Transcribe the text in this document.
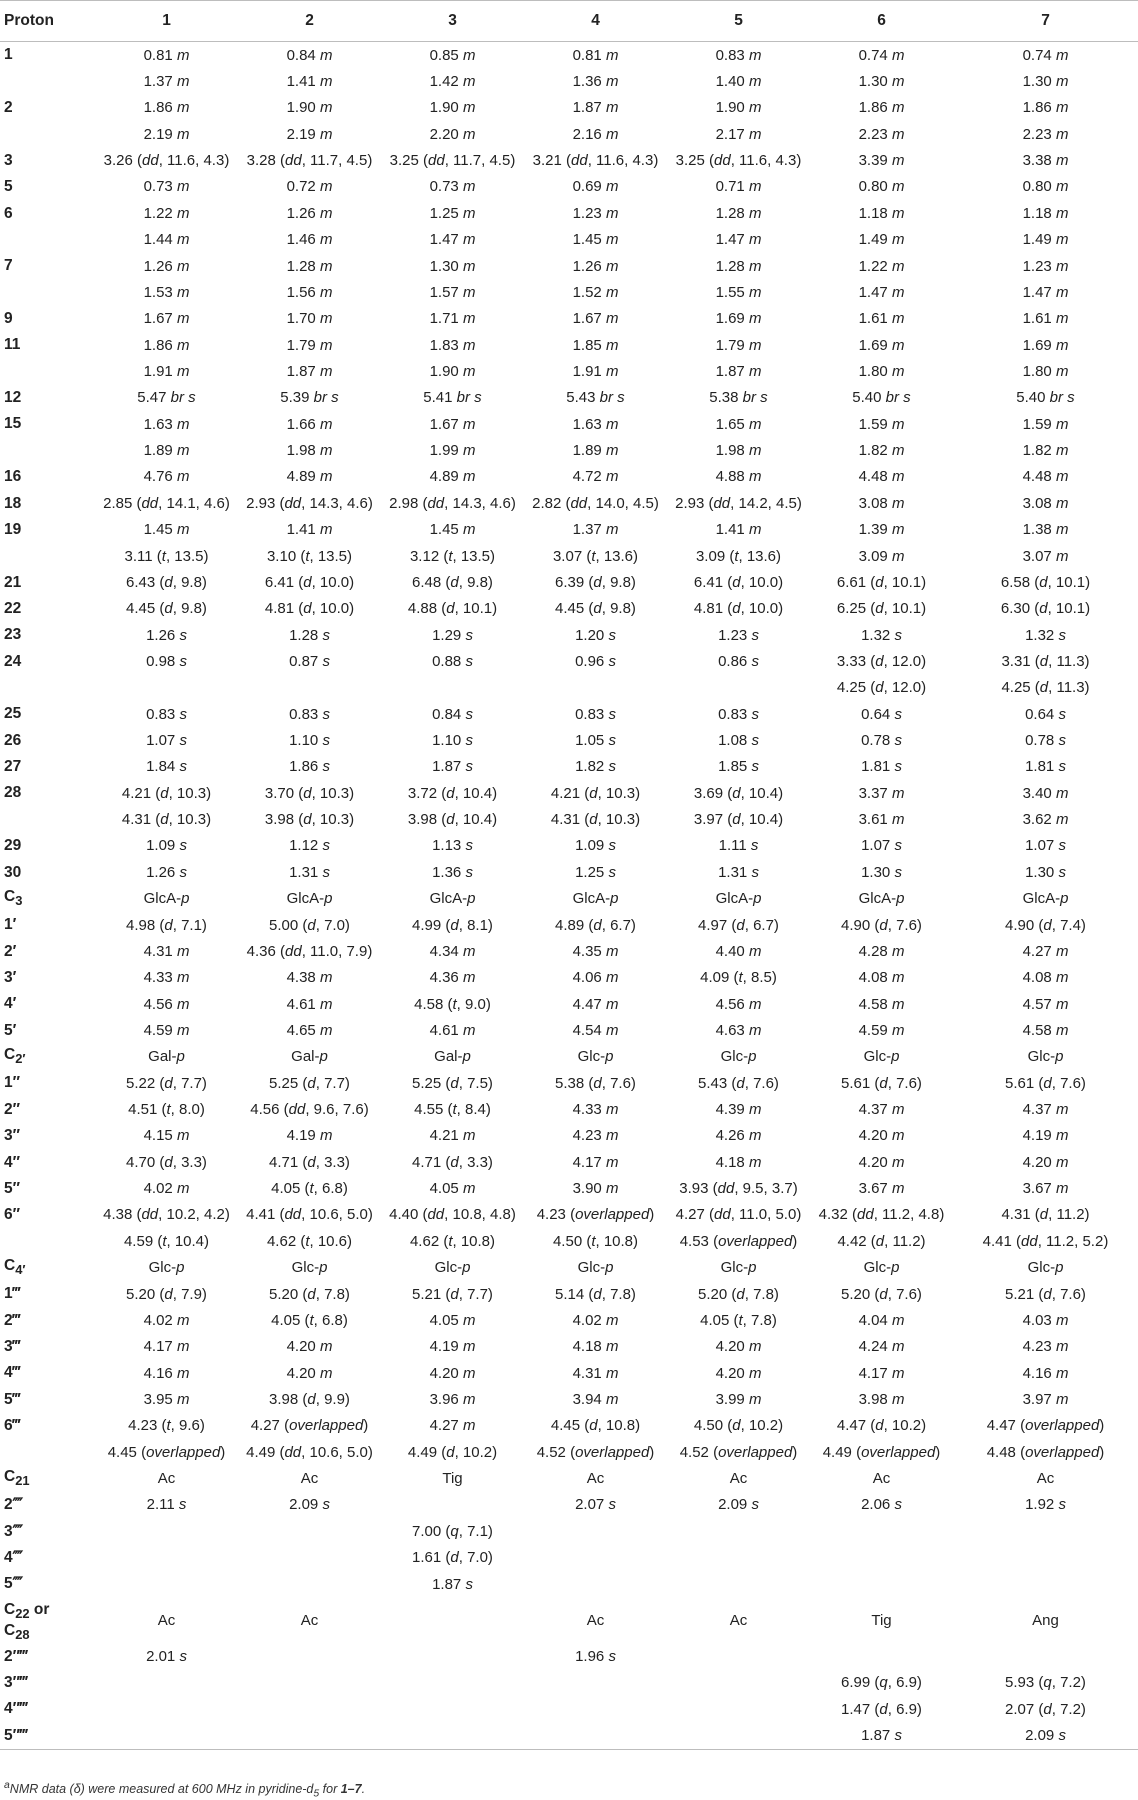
Proton	1	2	3	4	5	6	7
1	0.81 m	0.84 m	0.85 m	0.81 m	0.83 m	0.74 m	0.74 m
	1.37 m	1.41 m	1.42 m	1.36 m	1.40 m	1.30 m	1.30 m
2	1.86 m	1.90 m	1.90 m	1.87 m	1.90 m	1.86 m	1.86 m
	2.19 m	2.19 m	2.20 m	2.16 m	2.17 m	2.23 m	2.23 m
3	3.26 (dd, 11.6, 4.3)	3.28 (dd, 11.7, 4.5)	3.25 (dd, 11.7, 4.5)	3.21 (dd, 11.6, 4.3)	3.25 (dd, 11.6, 4.3)	3.39 m	3.38 m
5	0.73 m	0.72 m	0.73 m	0.69 m	0.71 m	0.80 m	0.80 m
6	1.22 m	1.26 m	1.25 m	1.23 m	1.28 m	1.18 m	1.18 m
	1.44 m	1.46 m	1.47 m	1.45 m	1.47 m	1.49 m	1.49 m
7	1.26 m	1.28 m	1.30 m	1.26 m	1.28 m	1.22 m	1.23 m
	1.53 m	1.56 m	1.57 m	1.52 m	1.55 m	1.47 m	1.47 m
9	1.67 m	1.70 m	1.71 m	1.67 m	1.69 m	1.61 m	1.61 m
11	1.86 m	1.79 m	1.83 m	1.85 m	1.79 m	1.69 m	1.69 m
	1.91 m	1.87 m	1.90 m	1.91 m	1.87 m	1.80 m	1.80 m
12	5.47 br s	5.39 br s	5.41 br s	5.43 br s	5.38 br s	5.40 br s	5.40 br s
15	1.63 m	1.66 m	1.67 m	1.63 m	1.65 m	1.59 m	1.59 m
	1.89 m	1.98 m	1.99 m	1.89 m	1.98 m	1.82 m	1.82 m
16	4.76 m	4.89 m	4.89 m	4.72 m	4.88 m	4.48 m	4.48 m
18	2.85 (dd, 14.1, 4.6)	2.93 (dd, 14.3, 4.6)	2.98 (dd, 14.3, 4.6)	2.82 (dd, 14.0, 4.5)	2.93 (dd, 14.2, 4.5)	3.08 m	3.08 m
19	1.45 m	1.41 m	1.45 m	1.37 m	1.41 m	1.39 m	1.38 m
	3.11 (t, 13.5)	3.10 (t, 13.5)	3.12 (t, 13.5)	3.07 (t, 13.6)	3.09 (t, 13.6)	3.09 m	3.07 m
21	6.43 (d, 9.8)	6.41 (d, 10.0)	6.48 (d, 9.8)	6.39 (d, 9.8)	6.41 (d, 10.0)	6.61 (d, 10.1)	6.58 (d, 10.1)
22	4.45 (d, 9.8)	4.81 (d, 10.0)	4.88 (d, 10.1)	4.45 (d, 9.8)	4.81 (d, 10.0)	6.25 (d, 10.1)	6.30 (d, 10.1)
23	1.26 s	1.28 s	1.29 s	1.20 s	1.23 s	1.32 s	1.32 s
24	0.98 s	0.87 s	0.88 s	0.96 s	0.86 s	3.33 (d, 12.0)	3.31 (d, 11.3)
						4.25 (d, 12.0)	4.25 (d, 11.3)
25	0.83 s	0.83 s	0.84 s	0.83 s	0.83 s	0.64 s	0.64 s
26	1.07 s	1.10 s	1.10 s	1.05 s	1.08 s	0.78 s	0.78 s
27	1.84 s	1.86 s	1.87 s	1.82 s	1.85 s	1.81 s	1.81 s
28	4.21 (d, 10.3)	3.70 (d, 10.3)	3.72 (d, 10.4)	4.21 (d, 10.3)	3.69 (d, 10.4)	3.37 m	3.40 m
	4.31 (d, 10.3)	3.98 (d, 10.3)	3.98 (d, 10.4)	4.31 (d, 10.3)	3.97 (d, 10.4)	3.61 m	3.62 m
29	1.09 s	1.12 s	1.13 s	1.09 s	1.11 s	1.07 s	1.07 s
30	1.26 s	1.31 s	1.36 s	1.25 s	1.31 s	1.30 s	1.30 s
$C_3$	GlcA-p	GlcA-p	GlcA-p	GlcA-p	GlcA-p	GlcA-p	GlcA-p
1′	4.98 (d, 7.1)	5.00 (d, 7.0)	4.99 (d, 8.1)	4.89 (d, 6.7)	4.97 (d, 6.7)	4.90 (d, 7.6)	4.90 (d, 7.4)
2′	4.31 m	4.36 (dd, 11.0, 7.9)	4.34 m	4.35 m	4.40 m	4.28 m	4.27 m
3′	4.33 m	4.38 m	4.36 m	4.06 m	4.09 (t, 8.5)	4.08 m	4.08 m
4′	4.56 m	4.61 m	4.58 (t, 9.0)	4.47 m	4.56 m	4.58 m	4.57 m
5′	4.59 m	4.65 m	4.61 m	4.54 m	4.63 m	4.59 m	4.58 m
$C_{2'}$	Gal-p	Gal-p	Gal-p	Glc-p	Glc-p	Glc-p	Glc-p
1″	5.22 (d, 7.7)	5.25 (d, 7.7)	5.25 (d, 7.5)	5.38 (d, 7.6)	5.43 (d, 7.6)	5.61 (d, 7.6)	5.61 (d, 7.6)
2″	4.51 (t, 8.0)	4.56 (dd, 9.6, 7.6)	4.55 (t, 8.4)	4.33 m	4.39 m	4.37 m	4.37 m
3″	4.15 m	4.19 m	4.21 m	4.23 m	4.26 m	4.20 m	4.19 m
4″	4.70 (d, 3.3)	4.71 (d, 3.3)	4.71 (d, 3.3)	4.17 m	4.18 m	4.20 m	4.20 m
5″	4.02 m	4.05 (t, 6.8)	4.05 m	3.90 m	3.93 (dd, 9.5, 3.7)	3.67 m	3.67 m
6″	4.38 (dd, 10.2, 4.2)	4.41 (dd, 10.6, 5.0)	4.40 (dd, 10.8, 4.8)	4.23 (overlapped)	4.27 (dd, 11.0, 5.0)	4.32 (dd, 11.2, 4.8)	4.31 (d, 11.2)
	4.59 (t, 10.4)	4.62 (t, 10.6)	4.62 (t, 10.8)	4.50 (t, 10.8)	4.53 (overlapped)	4.42 (d, 11.2)	4.41 (dd, 11.2, 5.2)
$C_{4'}$	Glc-p	Glc-p	Glc-p	Glc-p	Glc-p	Glc-p	Glc-p
1‴	5.20 (d, 7.9)	5.20 (d, 7.8)	5.21 (d, 7.7)	5.14 (d, 7.8)	5.20 (d, 7.8)	5.20 (d, 7.6)	5.21 (d, 7.6)
2‴	4.02 m	4.05 (t, 6.8)	4.05 m	4.02 m	4.05 (t, 7.8)	4.04 m	4.03 m
3‴	4.17 m	4.20 m	4.19 m	4.18 m	4.20 m	4.24 m	4.23 m
4‴	4.16 m	4.20 m	4.20 m	4.31 m	4.20 m	4.17 m	4.16 m
5‴	3.95 m	3.98 (d, 9.9)	3.96 m	3.94 m	3.99 m	3.98 m	3.97 m
6‴	4.23 (t, 9.6)	4.27 (overlapped)	4.27 m	4.45 (d, 10.8)	4.50 (d, 10.2)	4.47 (d, 10.2)	4.47 (overlapped)
	4.45 (overlapped)	4.49 (dd, 10.6, 5.0)	4.49 (d, 10.2)	4.52 (overlapped)	4.52 (overlapped)	4.49 (overlapped)	4.48 (overlapped)
$C_{21}$	Ac	Ac	Tig	Ac	Ac	Ac	Ac
2⁗	2.11 s	2.09 s		2.07 s	2.09 s	2.06 s	1.92 s
3⁗			7.00 (q, 7.1)				
4⁗			1.61 (d, 7.0)				
5⁗			1.87 s				
$C_{22}$ or
$C_{28}$	Ac	Ac		Ac	Ac	Tig	Ang
2″‴	2.01 s			1.96 s			
3″‴						6.99 (q, 6.9)	5.93 (q, 7.2)
4″‴						1.47 (d, 6.9)	2.07 (d, 7.2)
5″‴						1.87 s	2.09 s
$^a$NMR data (δ) were measured at 600 MHz in pyridine-$d_5$ for 1–7.
